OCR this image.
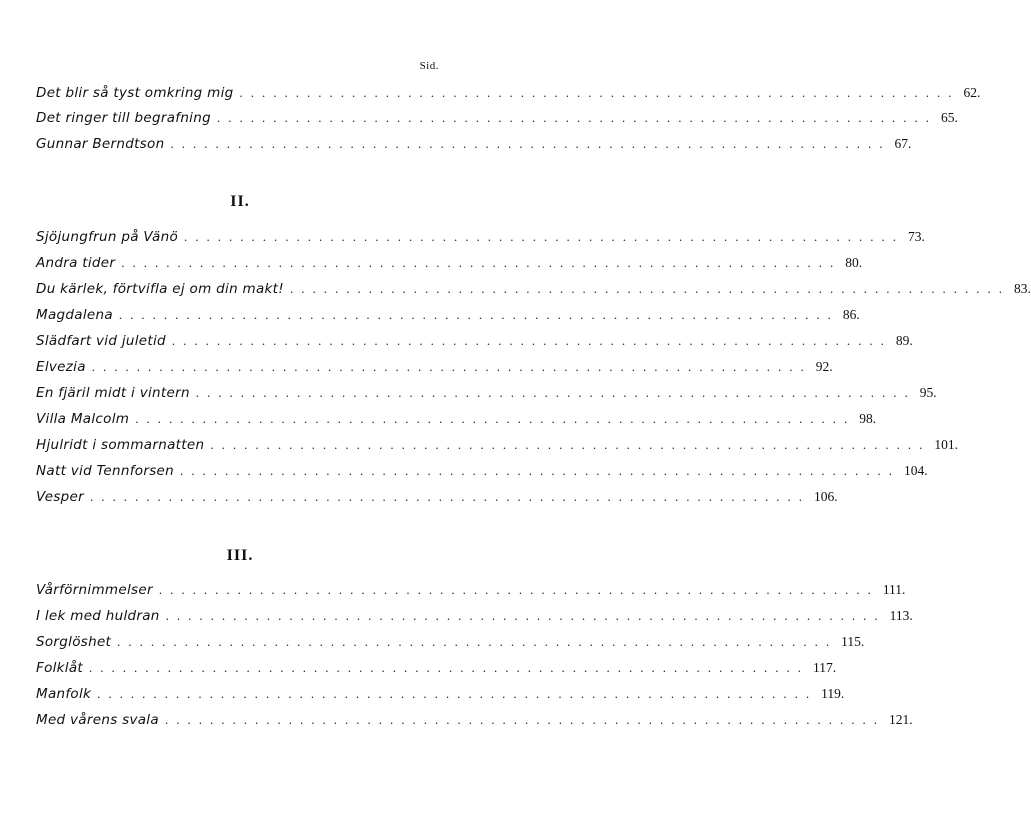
Sid.
Det blir så tyst omkring mig ................................................................ 62.
Det ringer till begrafning ................................................................ 65.
Gunnar Berndtson ................................................................ 67.
II.
Sjöjungfrun på Vänö ................................................................ 73.
Andra tider ................................................................ 80.
Du kärlek, förtvifla ej om din makt! ................................................................ 83.
Magdalena ................................................................ 86.
Slädfart vid juletid ................................................................ 89.
Elvezia ................................................................ 92.
En fjäril midt i vintern ................................................................ 95.
Villa Malcolm ................................................................ 98.
Hjulridt i sommarnatten ................................................................ 101.
Natt vid Tennforsen ................................................................ 104.
Vesper ................................................................ 106.
III.
Vårförnimmelser ................................................................ 111.
I lek med huldran ................................................................ 113.
Sorglöshet ................................................................ 115.
Folklåt ................................................................ 117.
Manfolk ................................................................ 119.
Med vårens svala ................................................................ 121.
